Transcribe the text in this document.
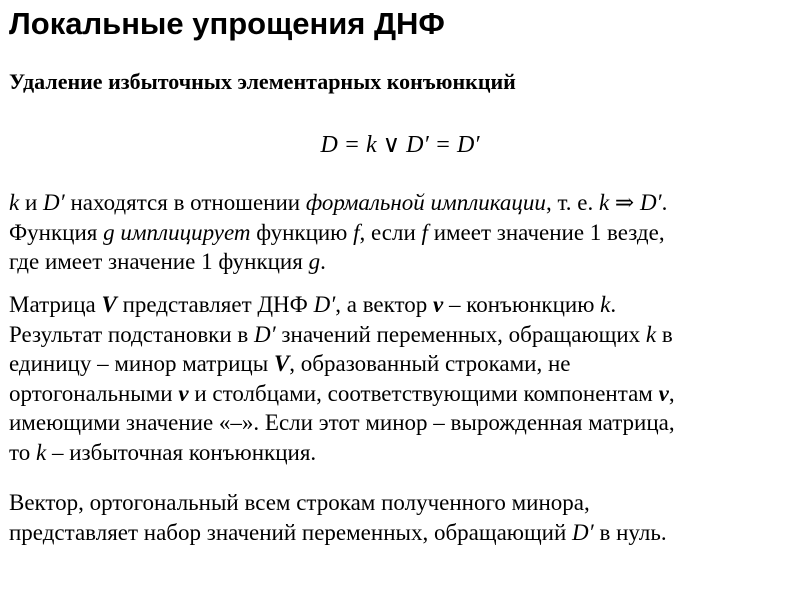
Локальные упрощения ДНФ
Удаление избыточных элементарных конъюнкций
D = k ∨ D′ = D′
k и D′ находятся в отношении формальной импликации, т. е. k ⇒ D′.
Функция g имплицирует функцию f, если f имеет значение 1 везде,
где имеет значение 1 функция g.
Матрица V представляет ДНФ D′, а вектор v – конъюнкцию k.
Результат подстановки в D′ значений переменных, обращающих k в
единицу – минор матрицы V, образованный строками, не
ортогональными v и столбцами, соответствующими компонентам v,
имеющими значение «–». Если этот минор – вырожденная матрица,
то k – избыточная конъюнкция.
Вектор, ортогональный всем строкам полученного минора,
представляет набор значений переменных, обращающий D′ в нуль.
